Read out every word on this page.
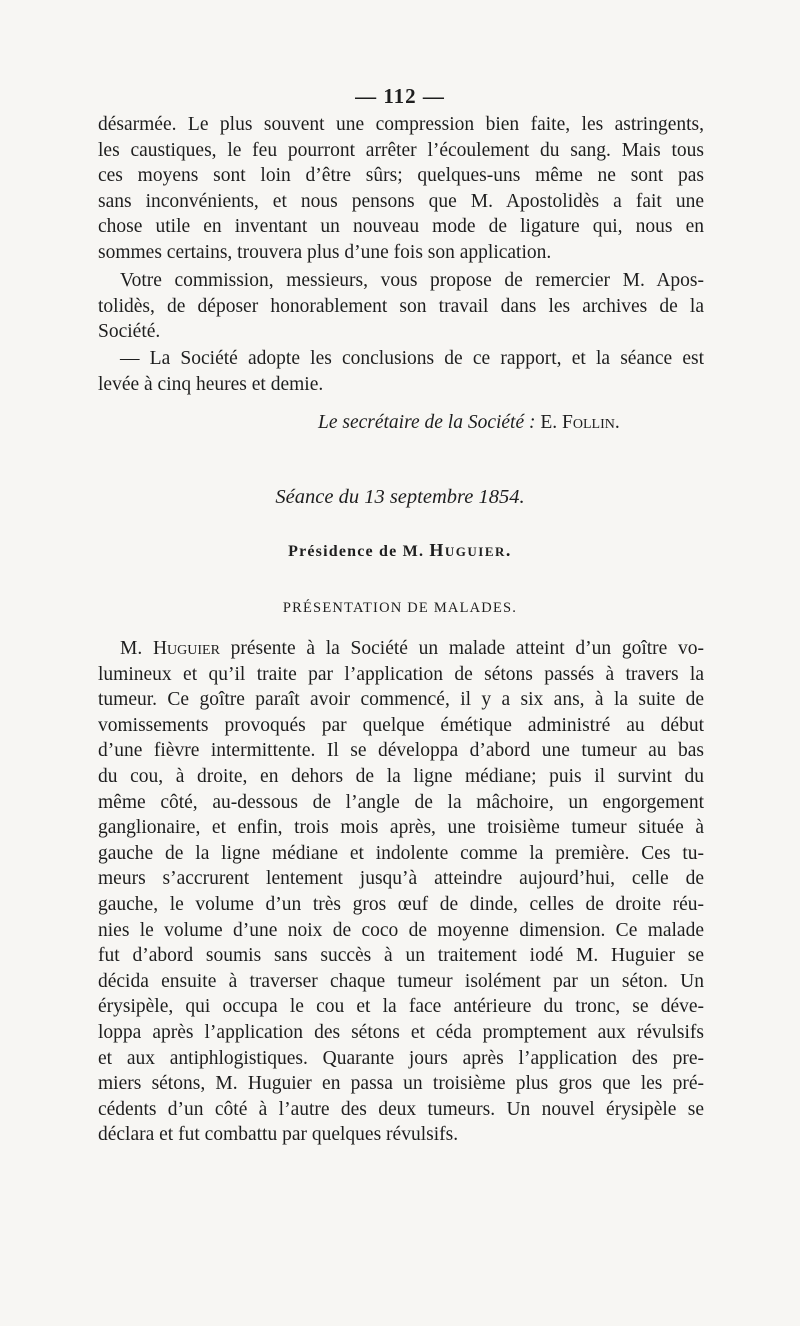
— 112 —
désarmée. Le plus souvent une compression bien faite, les astringents,
les caustiques, le feu pourront arrêter l’écoulement du sang. Mais tous
ces moyens sont loin d’être sûrs; quelques-uns même ne sont pas
sans inconvénients, et nous pensons que M. Apostolidès a fait une
chose utile en inventant un nouveau mode de ligature qui, nous en
sommes certains, trouvera plus d’une fois son application.
Votre commission, messieurs, vous propose de remercier M. Apos-
tolidès, de déposer honorablement son travail dans les archives de la
Société.
— La Société adopte les conclusions de ce rapport, et la séance est
levée à cinq heures et demie.
Le secrétaire de la Société : E. Follin.
Séance du 13 septembre 1854.
Présidence de M. Huguier.
PRÉSENTATION DE MALADES.
M. Huguier présente à la Société un malade atteint d’un goître vo-
lumineux et qu’il traite par l’application de sétons passés à travers la
tumeur. Ce goître paraît avoir commencé, il y a six ans, à la suite de
vomissements provoqués par quelque émétique administré au début
d’une fièvre intermittente. Il se développa d’abord une tumeur au bas
du cou, à droite, en dehors de la ligne médiane; puis il survint du
même côté, au-dessous de l’angle de la mâchoire, un engorgement
ganglionaire, et enfin, trois mois après, une troisième tumeur située à
gauche de la ligne médiane et indolente comme la première. Ces tu-
meurs s’accrurent lentement jusqu’à atteindre aujourd’hui, celle de
gauche, le volume d’un très gros œuf de dinde, celles de droite réu-
nies le volume d’une noix de coco de moyenne dimension. Ce malade
fut d’abord soumis sans succès à un traitement iodé M. Huguier se
décida ensuite à traverser chaque tumeur isolément par un séton. Un
érysipèle, qui occupa le cou et la face antérieure du tronc, se déve-
loppa après l’application des sétons et céda promptement aux révulsifs
et aux antiphlogistiques. Quarante jours après l’application des pre-
miers sétons, M. Huguier en passa un troisième plus gros que les pré-
cédents d’un côté à l’autre des deux tumeurs. Un nouvel érysipèle se
déclara et fut combattu par quelques révulsifs.
